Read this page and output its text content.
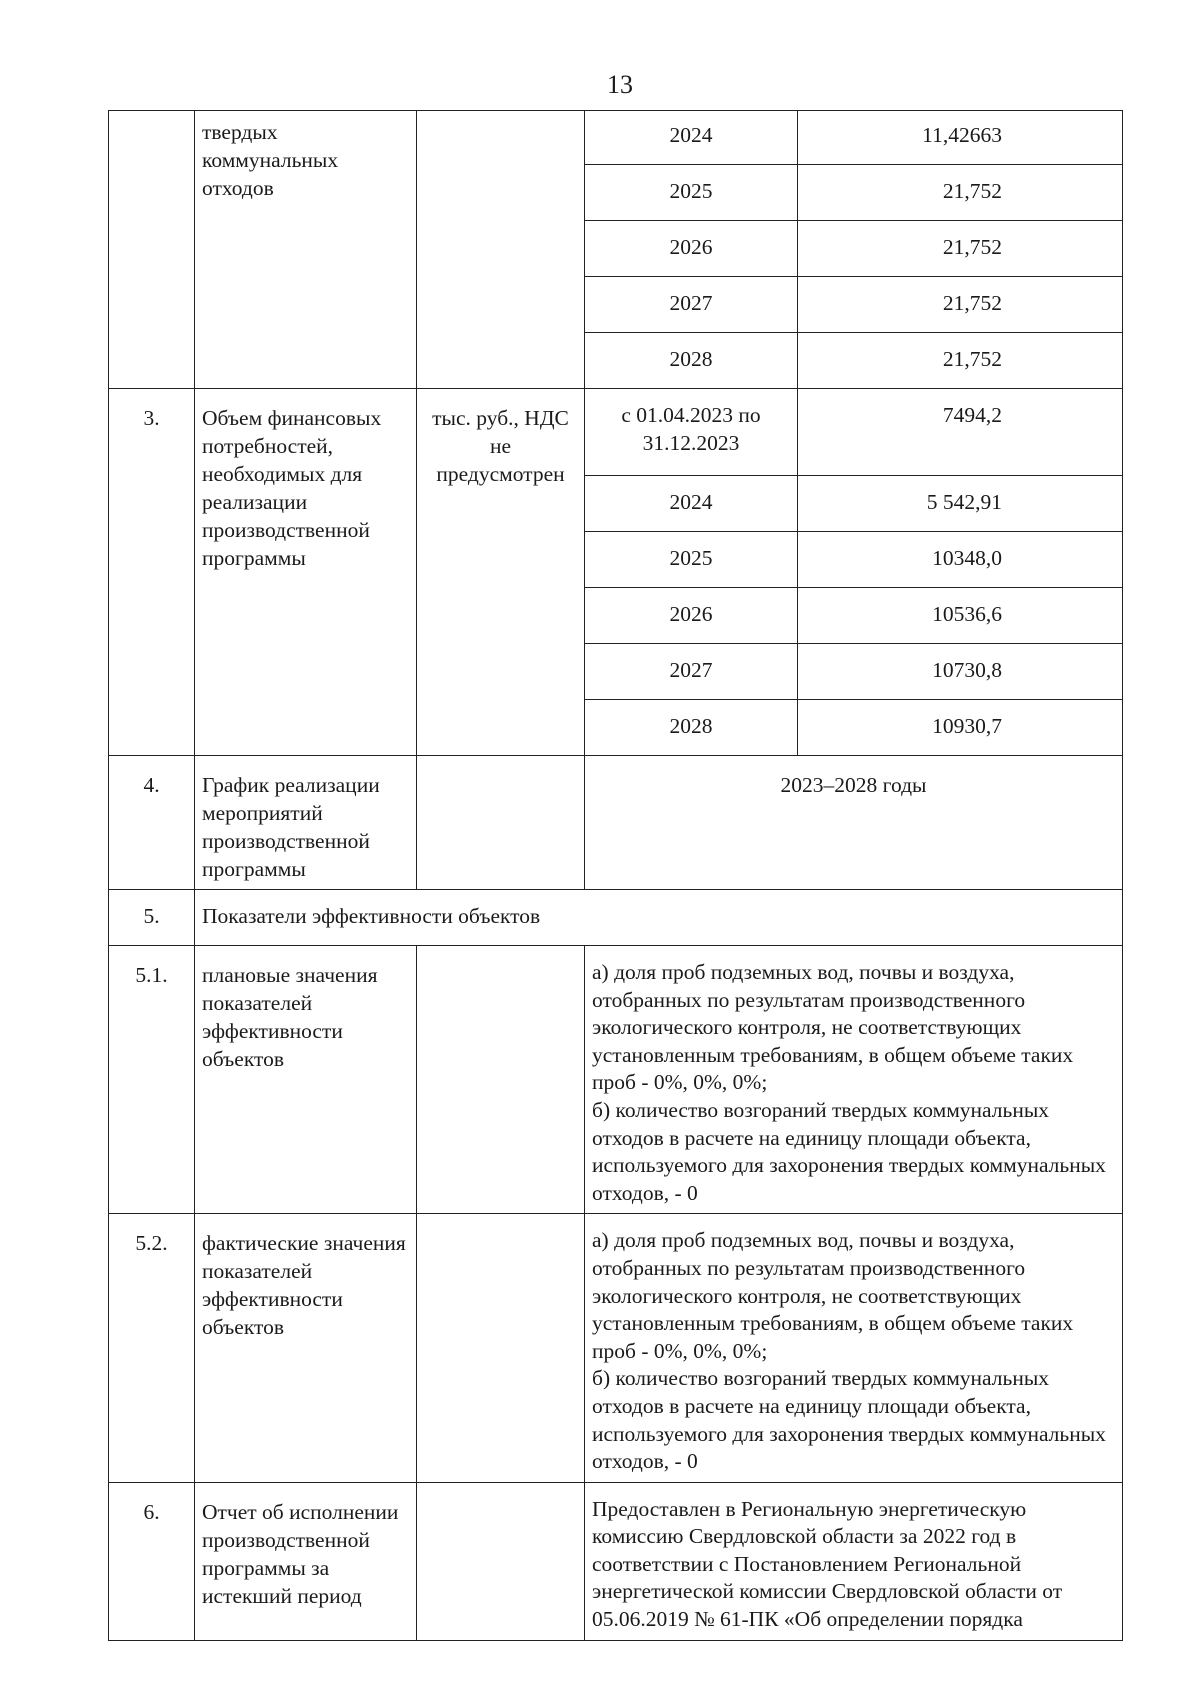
13
	твердых коммунальных отходов		2024	11,42663
			2025	21,752
			2026	21,752
			2027	21,752
			2028	21,752
3.	Объем финансовых потребностей, необходимых для реализации производственной программы	тыс. руб., НДС не предусмотрен	с 01.04.2023 по 31.12.2023	7494,2
			2024	5 542,91
			2025	10348,0
			2026	10536,6
			2027	10730,8
			2028	10930,7
4.	График реализации мероприятий производственной программы		2023–2028 годы	
5.	Показатели эффективности объектов			
5.1.	плановые значения показателей эффективности объектов		а) доля проб подземных вод, почвы и воздуха, отобранных по результатам производственного экологического контроля, не соответствующих установленным требованиям, в общем объеме таких проб - 0%, 0%, 0%;
б) количество возгораний твердых коммунальных отходов в расчете на единицу площади объекта, используемого для захоронения твердых коммунальных отходов, - 0	

5.2.	фактические значения показателей эффективности объектов		а) доля проб подземных вод, почвы и воздуха, отобранных по результатам производственного экологического контроля, не соответствующих установленным требованиям, в общем объеме таких проб - 0%, 0%, 0%;
б) количество возгораний твердых коммунальных отходов в расчете на единицу площади объекта, используемого для захоронения твердых коммунальных отходов, - 0	

6.	Отчет об исполнении производственной программы за истекший период		Предоставлен в Региональную энергетическую комиссию Свердловской области за 2022 год в соответствии с Постановлением Региональной энергетической комиссии Свердловской области от 05.06.2019 № 61-ПК «Об определении порядка	
